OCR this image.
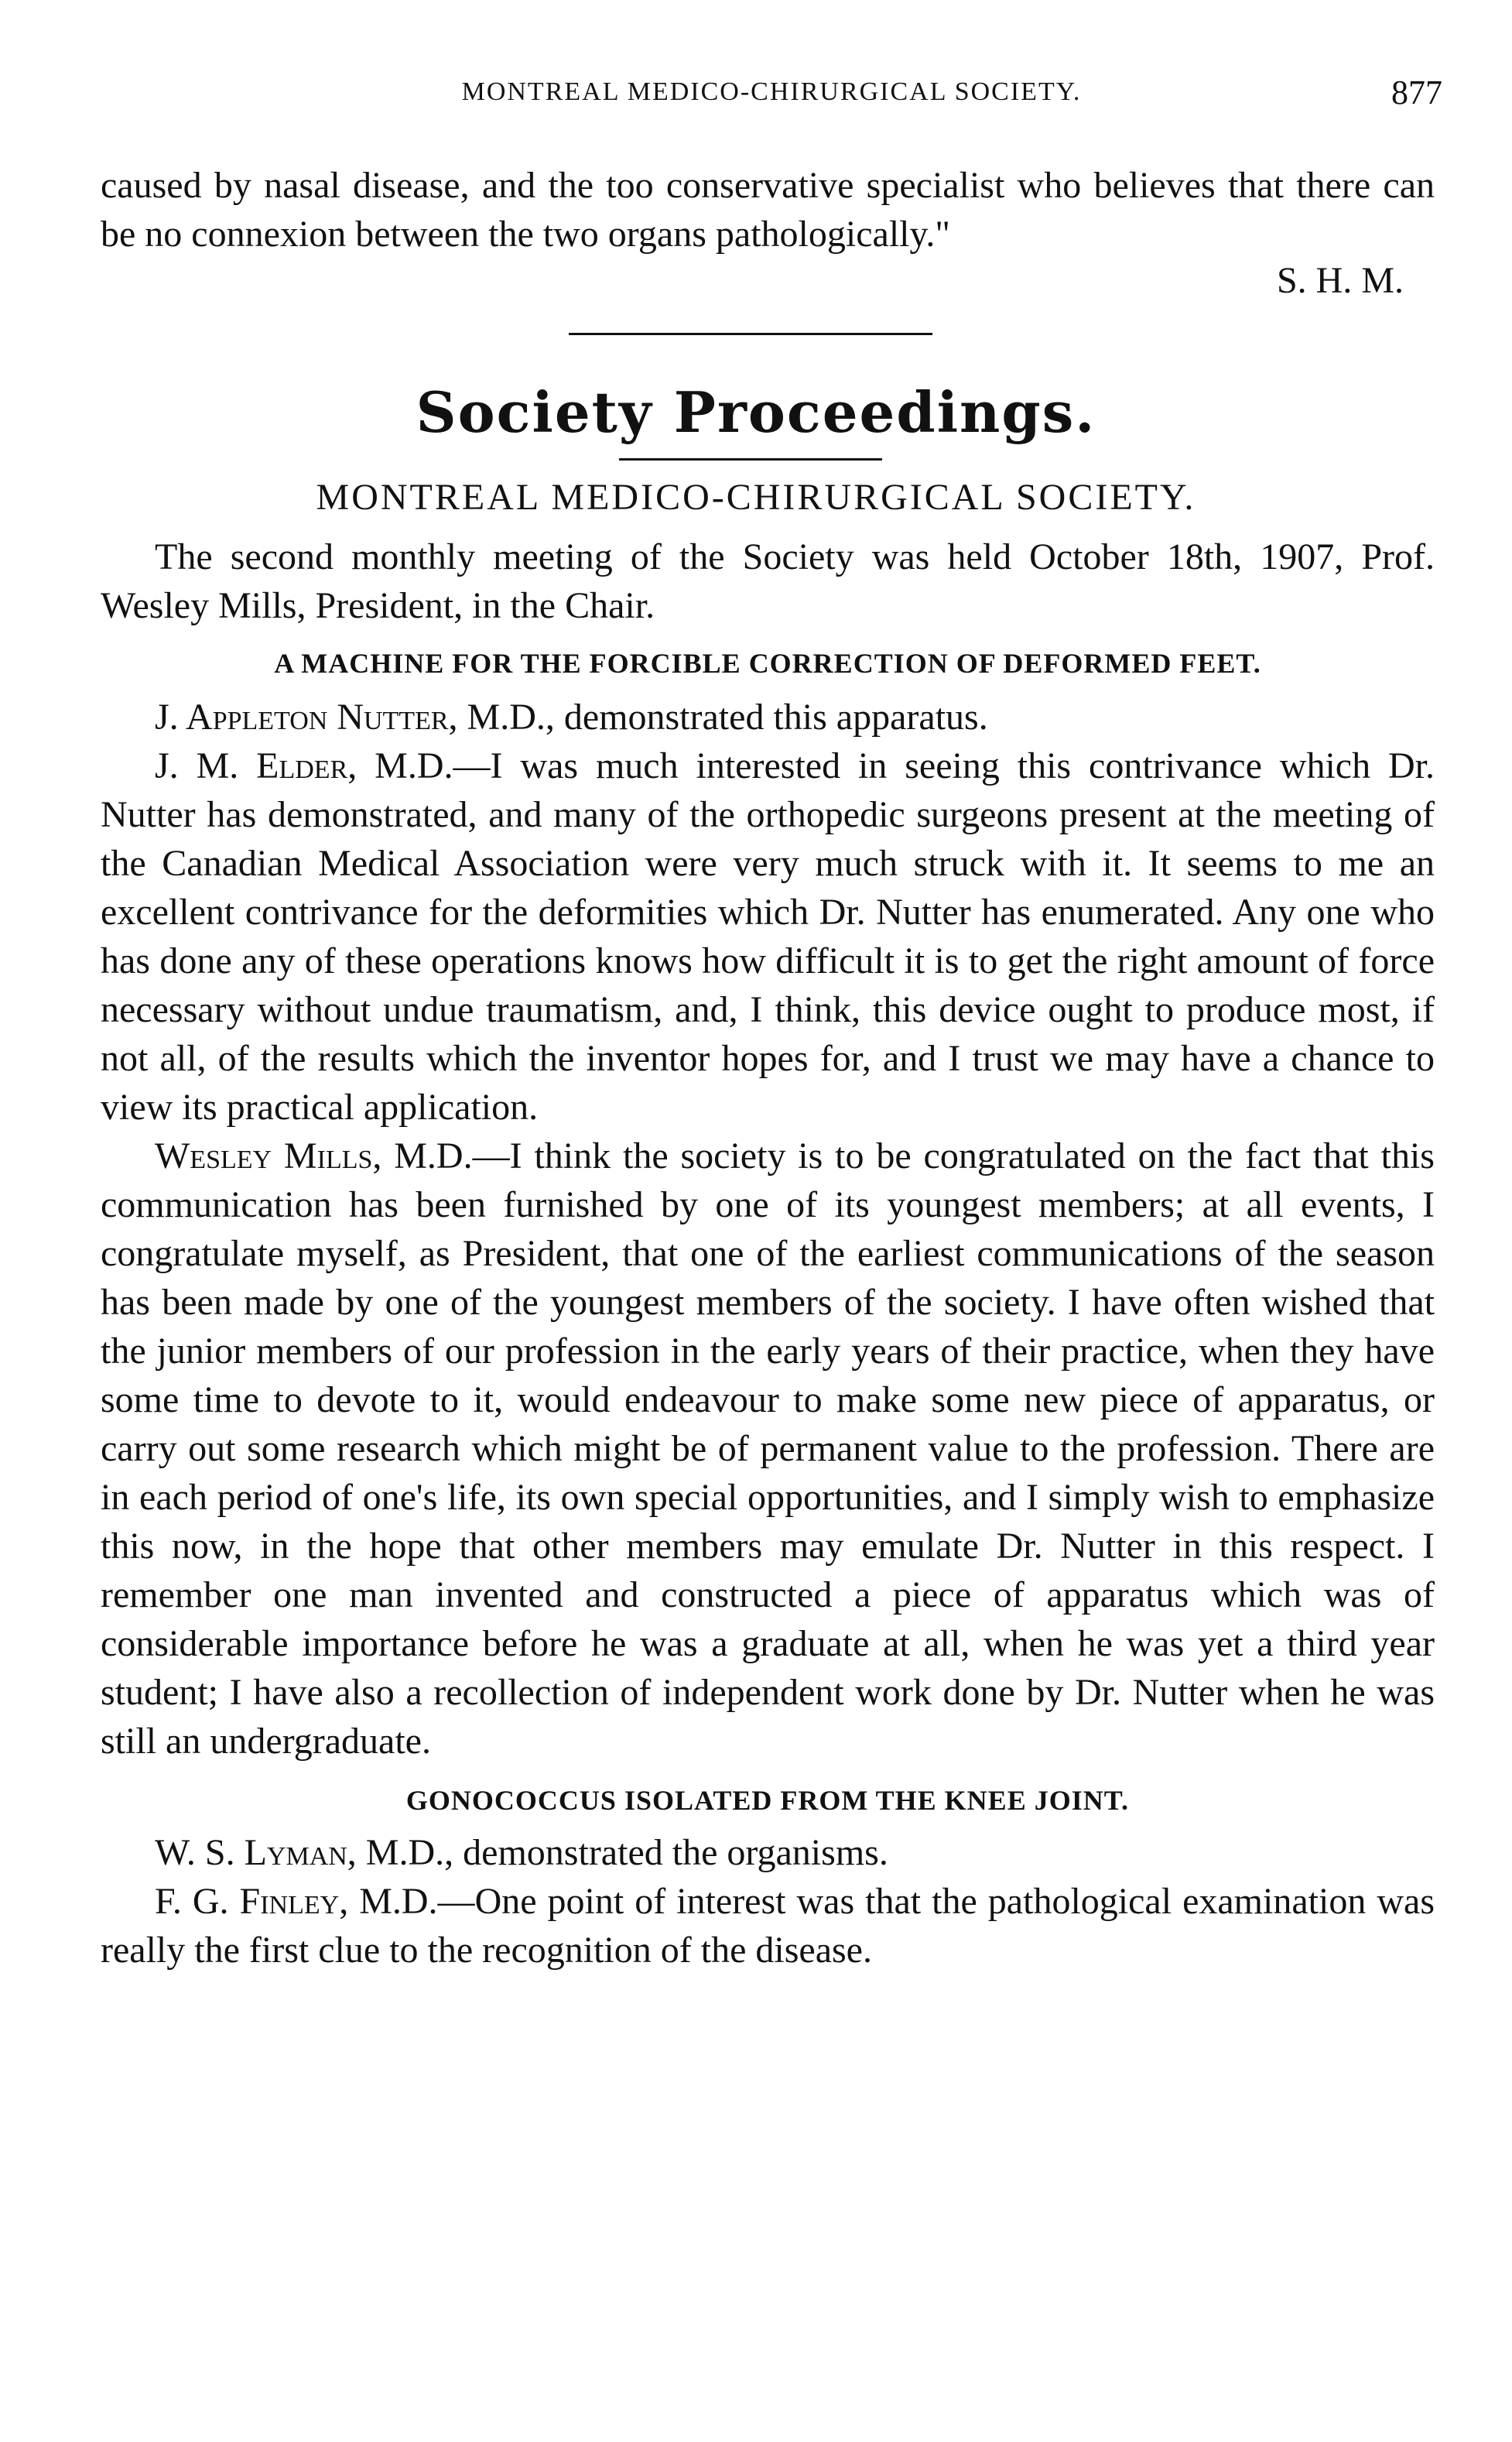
MONTREAL MEDICO-CHIRURGICAL SOCIETY.	877

caused by nasal disease, and the too conservative specialist who believes that there can be no connexion between the two organs pathologically."

S. H. M.
Society Proceedings.
MONTREAL MEDICO-CHIRURGICAL SOCIETY.

The second monthly meeting of the Society was held October 18th, 1907, Prof. Wesley Mills, President, in the Chair.

A MACHINE FOR THE FORCIBLE CORRECTION OF DEFORMED FEET.

J. Appleton Nutter, M.D., demonstrated this apparatus.

J. M. Elder, M.D.—I was much interested in seeing this contrivance which Dr. Nutter has demonstrated, and many of the orthopedic surgeons present at the meeting of the Canadian Medical Association were very much struck with it. It seems to me an excellent contrivance for the deformities which Dr. Nutter has enumerated. Any one who has done any of these operations knows how difficult it is to get the right amount of force necessary without undue traumatism, and, I think, this device ought to produce most, if not all, of the results which the inventor hopes for, and I trust we may have a chance to view its practical application.

Wesley Mills, M.D.—I think the society is to be congratulated on the fact that this communication has been furnished by one of its youngest members; at all events, I congratulate myself, as President, that one of the earliest communications of the season has been made by one of the youngest members of the society. I have often wished that the junior members of our profession in the early years of their practice, when they have some time to devote to it, would endeavour to make some new piece of apparatus, or carry out some research which might be of permanent value to the profession. There are in each period of one's life, its own special opportunities, and I simply wish to emphasize this now, in the hope that other members may emulate Dr. Nutter in this respect. I remember one man invented and constructed a piece of apparatus which was of considerable importance before he was a graduate at all, when he was yet a third year student; I have also a recollection of independent work done by Dr. Nutter when he was still an undergraduate.

GONOCOCCUS ISOLATED FROM THE KNEE JOINT.

W. S. Lyman, M.D., demonstrated the organisms.

F. G. Finley, M.D.—One point of interest was that the pathological examination was really the first clue to the recognition of the disease.
